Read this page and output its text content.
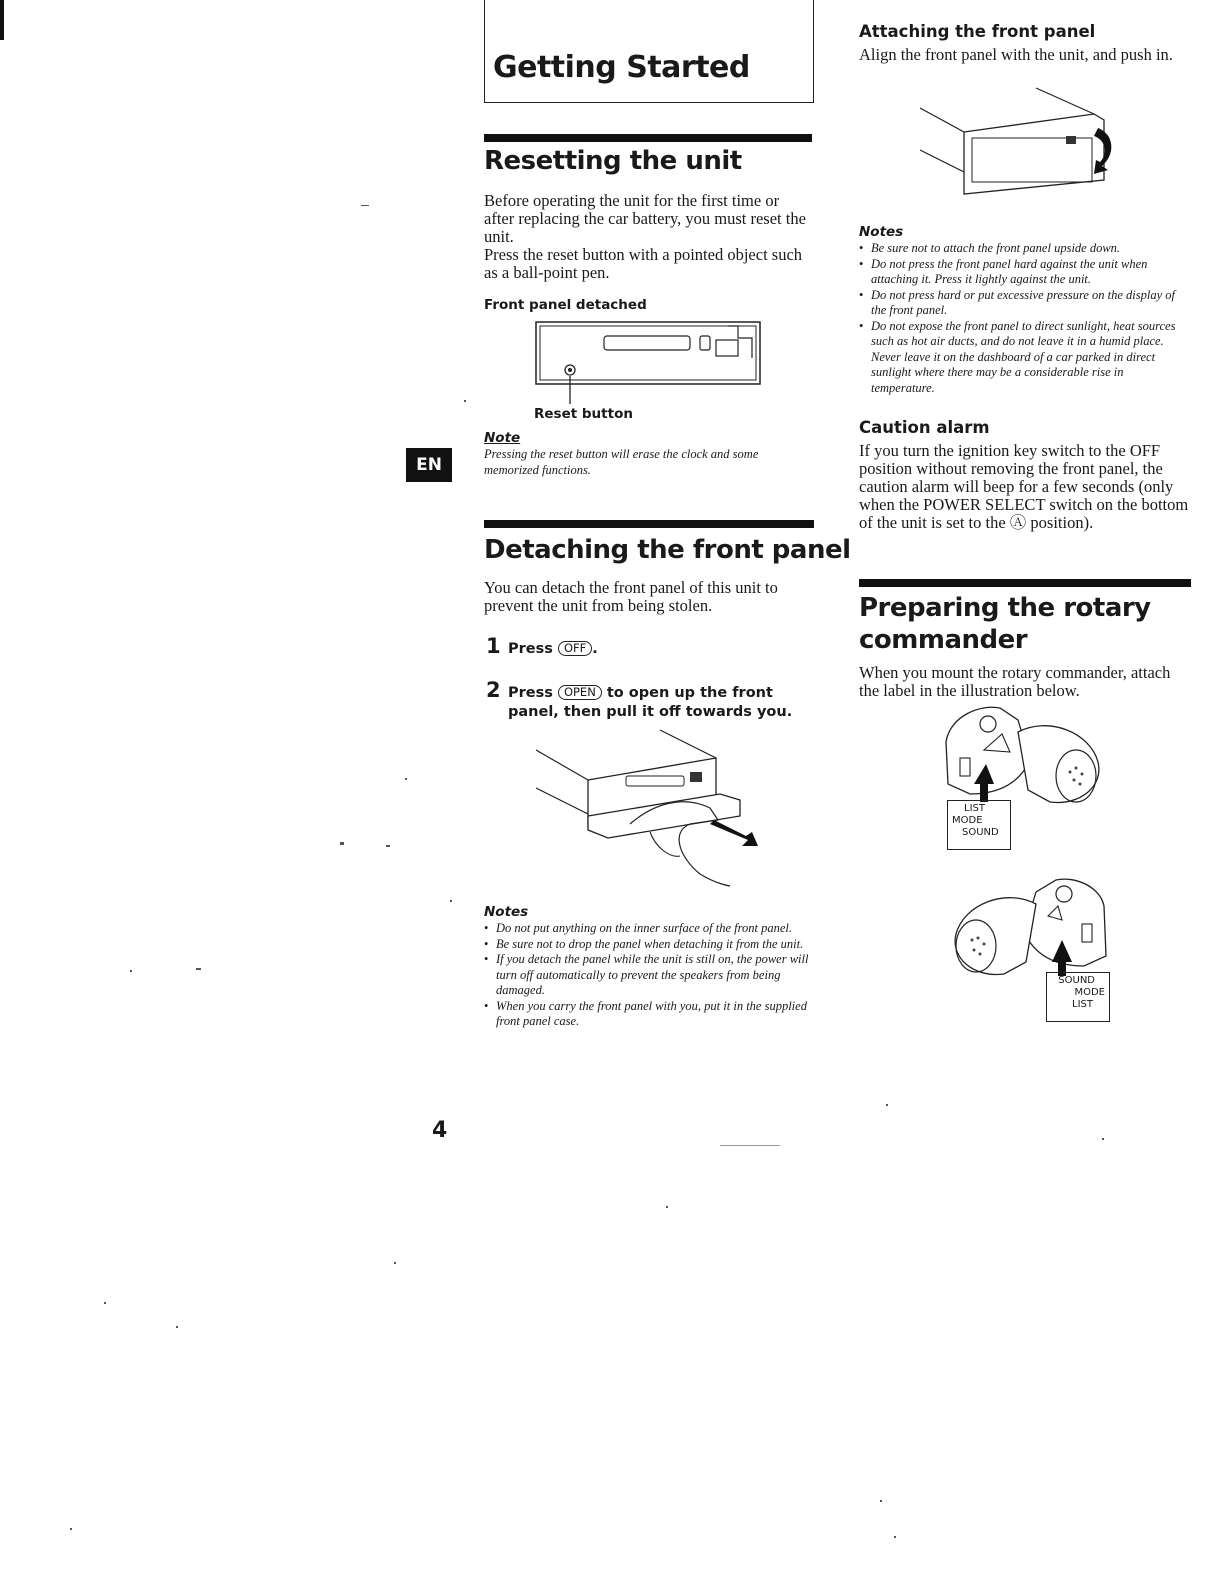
EN
Getting Started
Resetting the unit
Before operating the unit for the first time or after replacing the car battery, you must reset the unit.
Press the reset button with a pointed object such as a ball-point pen.
Front panel detached
Reset button
Note
Pressing the reset button will erase the clock and some memorized functions.
Detaching the front panel
You can detach the front panel of this unit to prevent the unit from being stolen.
1 Press OFF .
2 Press OPEN to open up the front panel, then pull it off towards you.
Notes
• Do not put anything on the inner surface of the front panel.
• Be sure not to drop the panel when detaching it from the unit.
• If you detach the panel while the unit is still on, the power will turn off automatically to prevent the speakers from being damaged.
• When you carry the front panel with you, put it in the supplied front panel case.
Attaching the front panel
Align the front panel with the unit, and push in.
Notes
• Be sure not to attach the front panel upside down.
• Do not press the front panel hard against the unit when attaching it. Press it lightly against the unit.
• Do not press hard or put excessive pressure on the display of the front panel.
• Do not expose the front panel to direct sunlight, heat sources such as hot air ducts, and do not leave it in a humid place. Never leave it on the dashboard of a car parked in direct sunlight where there may be a considerable rise in temperature.
Caution alarm
If you turn the ignition key switch to the OFF position without removing the front panel, the caution alarm will beep for a few seconds (only when the POWER SELECT switch on the bottom of the unit is set to the Ⓐ position).
Preparing the rotary
commander
When you mount the rotary commander, attach the label in the illustration below.
LIST
MODE
SOUND
SOUND
MODE
LIST
4
